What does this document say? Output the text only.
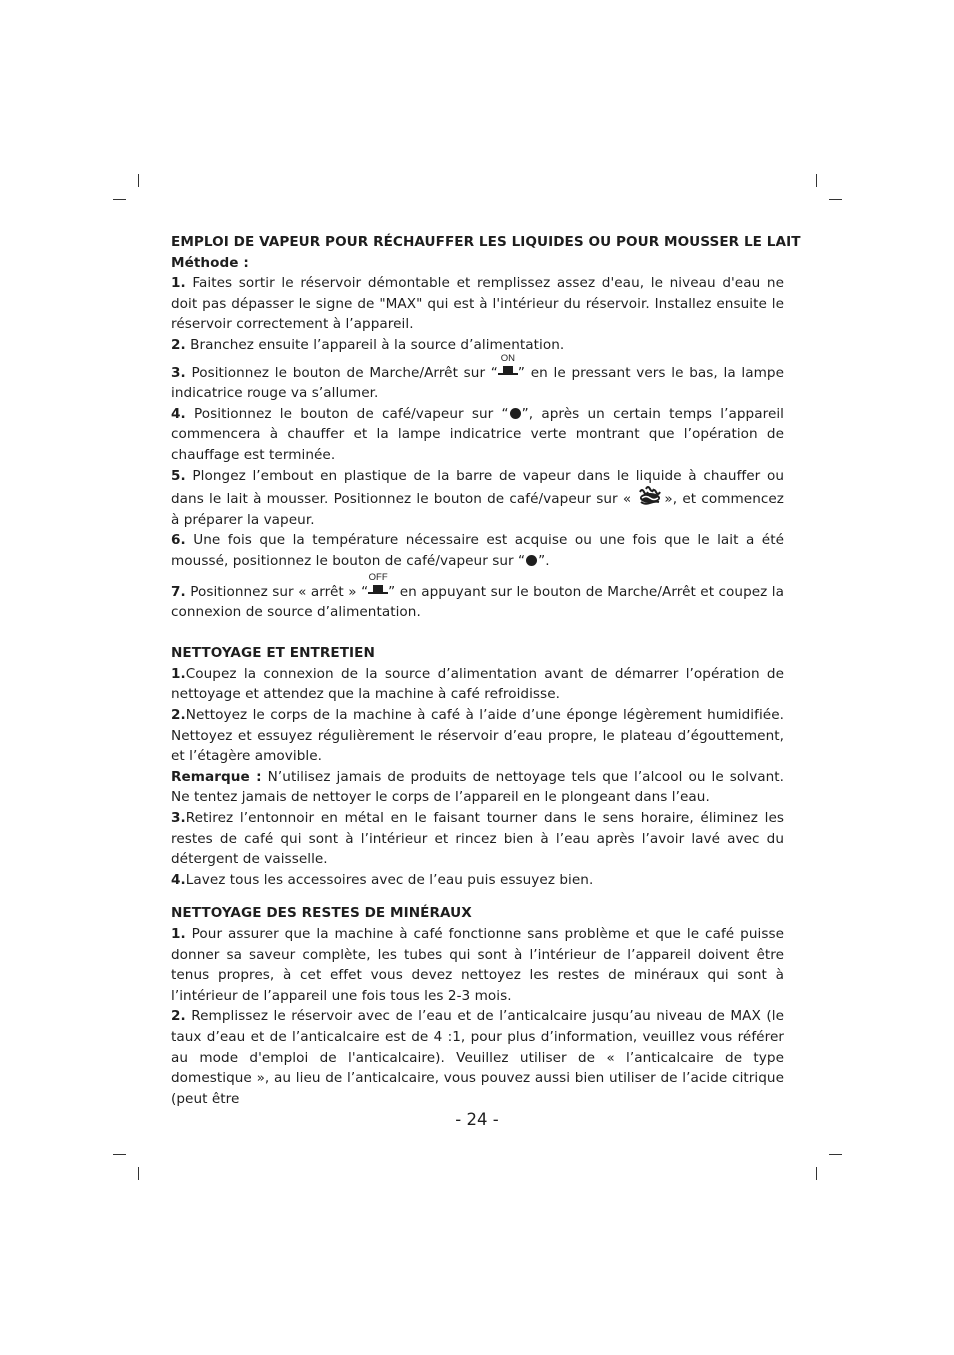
EMPLOI DE VAPEUR POUR RÉCHAUFFER LES LIQUIDES OU POUR MOUSSER LE LAIT

Méthode :

1. Faites sortir le réservoir démontable et remplissez assez d'eau, le niveau d'eau ne doit pas dépasser le signe de "MAX" qui est à l'intérieur du réservoir. Installez ensuite le réservoir correctement à l’appareil.

2. Branchez ensuite l’appareil à la source d’alimentation.

3. Positionnez le bouton de Marche/Arrêt sur “
ON
” en le pressant vers le bas, la lampe indicatrice rouge va s’allumer.

4. Positionnez le bouton de café/vapeur sur “ ”, après un certain temps l’appareil commencera à chauffer et la lampe indicatrice verte montrant que l’opération de chauffage est terminée.

5. Plongez l’embout en plastique de la barre de vapeur dans le liquide à chauffer ou dans le lait à mousser. Positionnez le bouton de café/vapeur sur « », et commencez à préparer la vapeur.

6. Une fois que la température nécessaire est acquise ou une fois que le lait a été moussé, positionnez le bouton de café/vapeur sur “ ”.

7. Positionnez sur « arrêt » “
OFF
” en appuyant sur le bouton de Marche/Arrêt et coupez la connexion de source d’alimentation.

NETTOYAGE ET ENTRETIEN

1.Coupez la connexion de la source d’alimentation avant de démarrer l’opération de nettoyage et attendez que la machine à café refroidisse.

2.Nettoyez le corps de la machine à café à l’aide d’une éponge légèrement humidifiée. Nettoyez et essuyez régulièrement le réservoir d’eau propre, le plateau d’égouttement, et l’étagère amovible.

Remarque : N’utilisez jamais de produits de nettoyage tels que l’alcool ou le solvant. Ne tentez jamais de nettoyer le corps de l’appareil en le plongeant dans l’eau.

3.Retirez l’entonnoir en métal en le faisant tourner dans le sens horaire, éliminez les restes de café qui sont à l’intérieur et rincez bien à l’eau après l’avoir lavé avec du détergent de vaisselle.

4.Lavez tous les accessoires avec de l’eau puis essuyez bien.

NETTOYAGE DES RESTES DE MINÉRAUX

1. Pour assurer que la machine à café fonctionne sans problème et que le café puisse donner sa saveur complète, les tubes qui sont à l’intérieur de l’appareil doivent être tenus propres, à cet effet vous devez nettoyez les restes de minéraux qui sont à l’intérieur de l’appareil une fois tous les 2-3 mois.

2. Remplissez le réservoir avec de l’eau et de l’anticalcaire jusqu’au niveau de MAX (le taux d’eau et de l’anticalcaire est de 4 :1, pour plus d’information, veuillez vous référer au mode d'emploi de l'anticalcaire). Veuillez utiliser de « l’anticalcaire de type domestique », au lieu de l’anticalcaire, vous pouvez aussi bien utiliser de l’acide citrique (peut être

- 24 -
